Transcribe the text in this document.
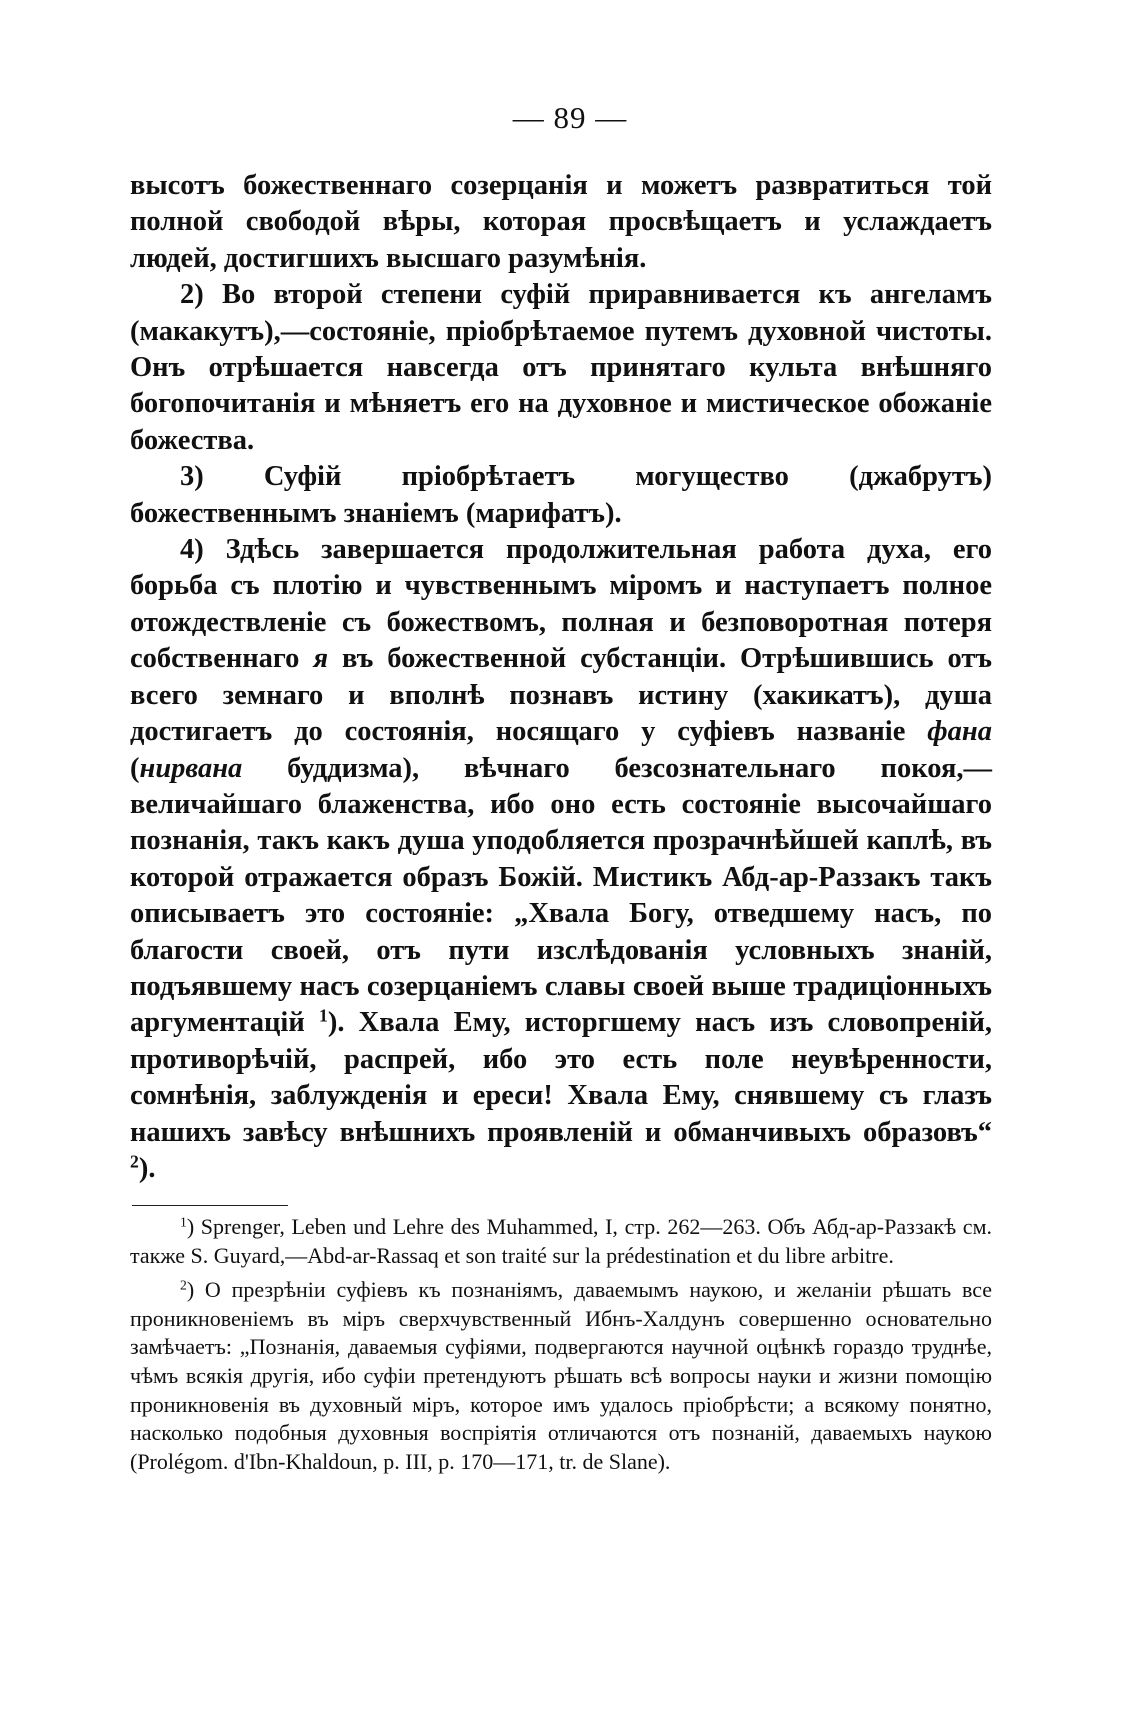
— 89 —

высотъ божественнаго созерцанія и можетъ развратиться той полной свободой вѣры, которая просвѣщаетъ и услаждаетъ людей, достигшихъ высшаго разумѣнія.

2) Во второй степени суфій приравнивается къ ангеламъ (макакутъ),—состояніе, пріобрѣтаемое путемъ духовной чистоты. Онъ отрѣшается навсегда отъ принятаго культа внѣшняго богопочитанія и мѣняетъ его на духовное и мистическое обожаніе божества.

3) Суфій пріобрѣтаетъ могущество (джабрутъ) божественнымъ знаніемъ (марифатъ).

4) Здѣсь завершается продолжительная работа духа, его борьба съ плотію и чувственнымъ міромъ и наступаетъ полное отождествленіе съ божествомъ, полная и безповоротная потеря собственнаго я въ божественной субстанціи. Отрѣшившись отъ всего земнаго и вполнѣ познавъ истину (хакикатъ), душа достигаетъ до состоянія, носящаго у суфіевъ названіе фана (нирвана буддизма), вѣчнаго безсознательнаго покоя,—величайшаго блаженства, ибо оно есть состояніе высочайшаго познанія, такъ какъ душа уподобляется прозрачнѣйшей каплѣ, въ которой отражается образъ Божій. Мистикъ Абд-ар-Раззакъ такъ описываетъ это состояніе: „Хвала Богу, отведшему насъ, по благости своей, отъ пути изслѣдованія условныхъ знаній, подъявшему насъ созерцаніемъ славы своей выше традиціонныхъ аргументацій $^1$). Хвала Ему, исторгшему насъ изъ словопреній, противорѣчій, распрей, ибо это есть поле неувѣренности, сомнѣнія, заблужденія и ереси! Хвала Ему, снявшему съ глазъ нашихъ завѣсу внѣшнихъ проявленій и обманчивыхъ образовъ“ $^2$).

$^1$) Sprenger, Leben und Lehre des Muhammed, I, стр. 262—263. Объ Абд-ар-Раззакѣ см. также S. Guyard,—Abd-ar-Rassaq et son traité sur la prédestination et du libre arbitre.

$^2$) О презрѣніи суфіевъ къ познаніямъ, даваемымъ наукою, и желаніи рѣшать все проникновеніемъ въ міръ сверхчувственный Ибнъ-Халдунъ совершенно основательно замѣчаетъ: „Познанія, даваемыя суфіями, подвергаются научной оцѣнкѣ гораздо труднѣе, чѣмъ всякія другія, ибо суфіи претендуютъ рѣшать всѣ вопросы науки и жизни помощію проникновенія въ духовный міръ, которое имъ удалось пріобрѣсти; а всякому понятно, насколько подобныя духовныя воспріятія отличаются отъ познаній, даваемыхъ наукою (Prolégom. d'Ibn-Khaldoun, p. III, p. 170—171, tr. de Slane).
